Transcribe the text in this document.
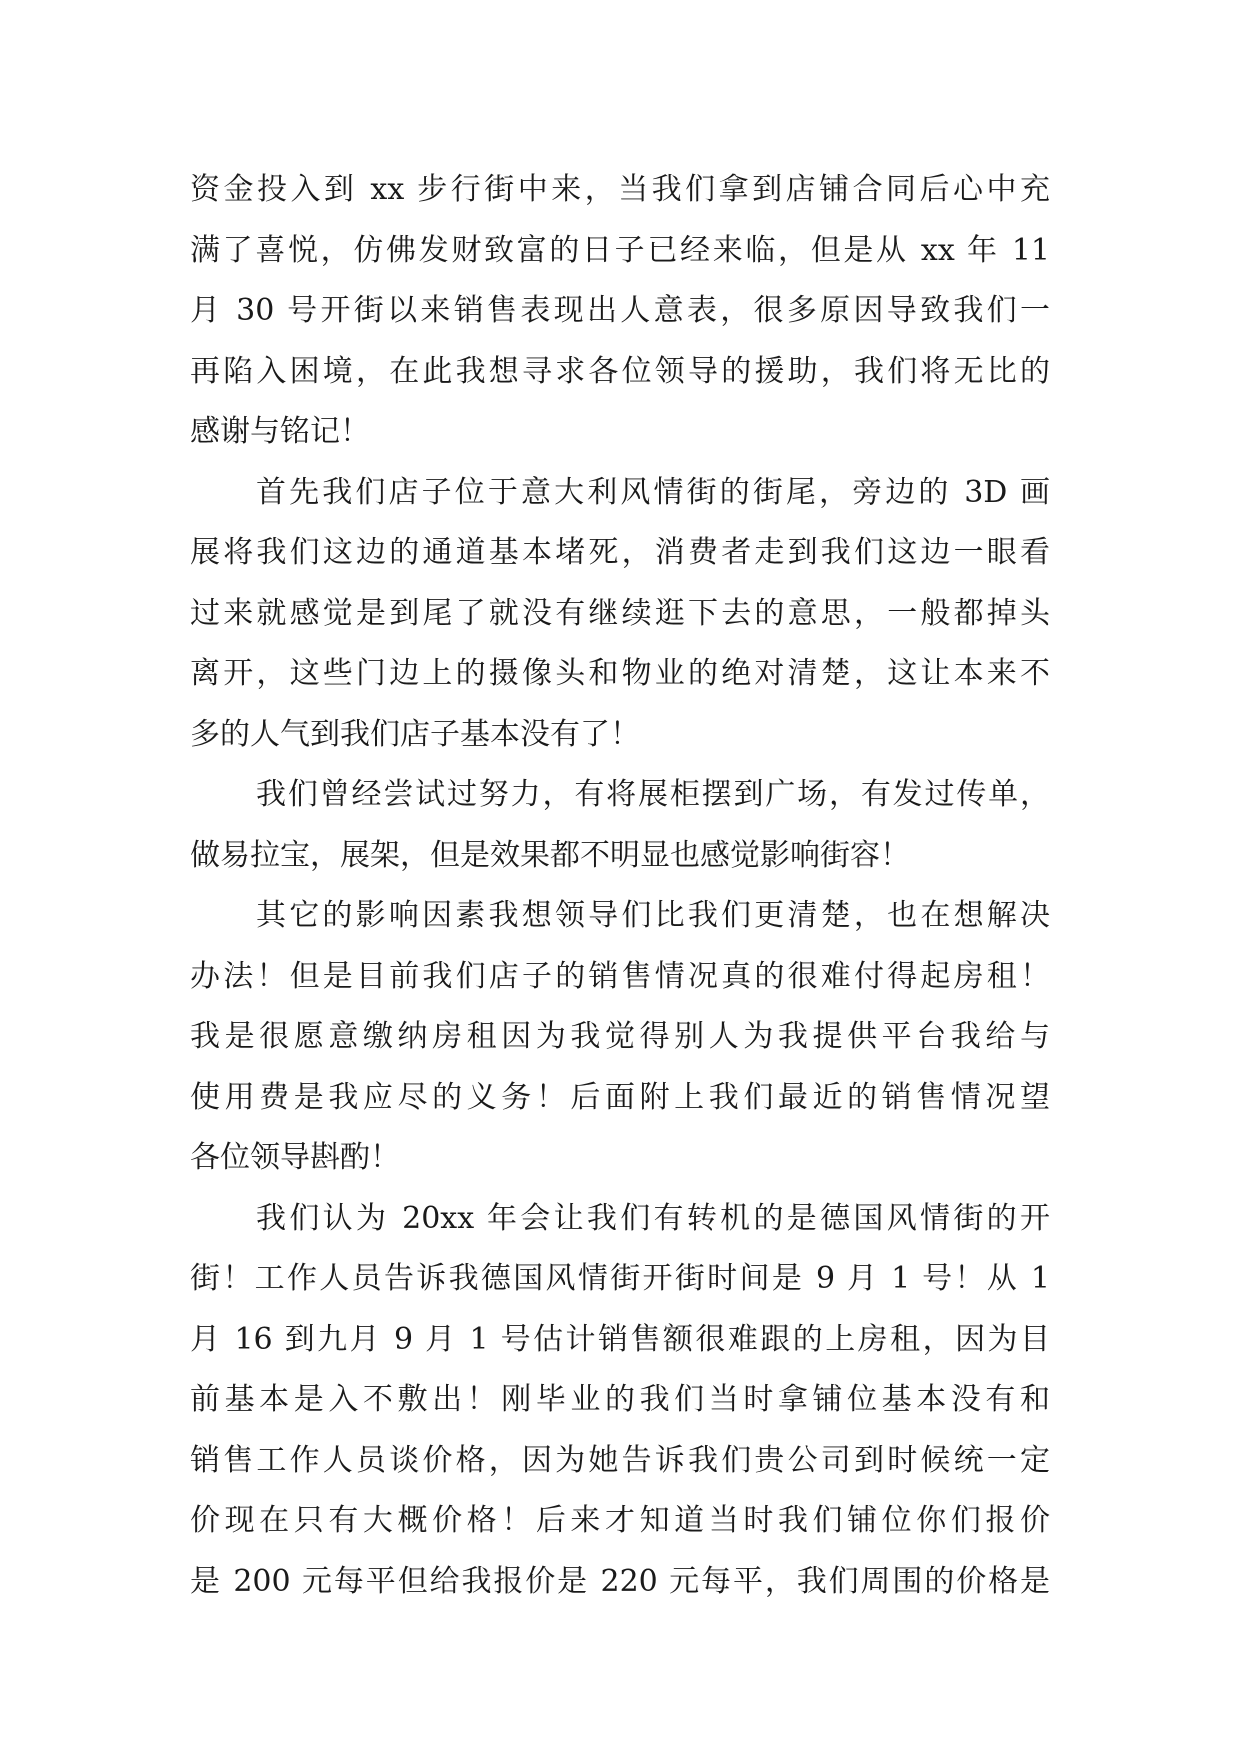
资金投入到 xx 步行街中来，当我们拿到店铺合同后心中充
满了喜悦，仿佛发财致富的日子已经来临，但是从 xx 年 11
月 30 号开街以来销售表现出人意表，很多原因导致我们一
再陷入困境，在此我想寻求各位领导的援助，我们将无比的
感谢与铭记！
首先我们店子位于意大利风情街的街尾，旁边的 3D 画
展将我们这边的通道基本堵死，消费者走到我们这边一眼看
过来就感觉是到尾了就没有继续逛下去的意思，一般都掉头
离开，这些门边上的摄像头和物业的绝对清楚，这让本来不
多的人气到我们店子基本没有了！
我们曾经尝试过努力，有将展柜摆到广场，有发过传单，
做易拉宝，展架，但是效果都不明显也感觉影响街容！
其它的影响因素我想领导们比我们更清楚，也在想解决
办法！但是目前我们店子的销售情况真的很难付得起房租！
我是很愿意缴纳房租因为我觉得别人为我提供平台我给与
使用费是我应尽的义务！后面附上我们最近的销售情况望
各位领导斟酌！
我们认为 20xx 年会让我们有转机的是德国风情街的开
街！工作人员告诉我德国风情街开街时间是 9 月 1 号！从 1
月 16 到九月 9 月 1 号估计销售额很难跟的上房租，因为目
前基本是入不敷出！刚毕业的我们当时拿铺位基本没有和
销售工作人员谈价格，因为她告诉我们贵公司到时候统一定
价现在只有大概价格！后来才知道当时我们铺位你们报价
是 200 元每平但给我报价是 220 元每平，我们周围的价格是
